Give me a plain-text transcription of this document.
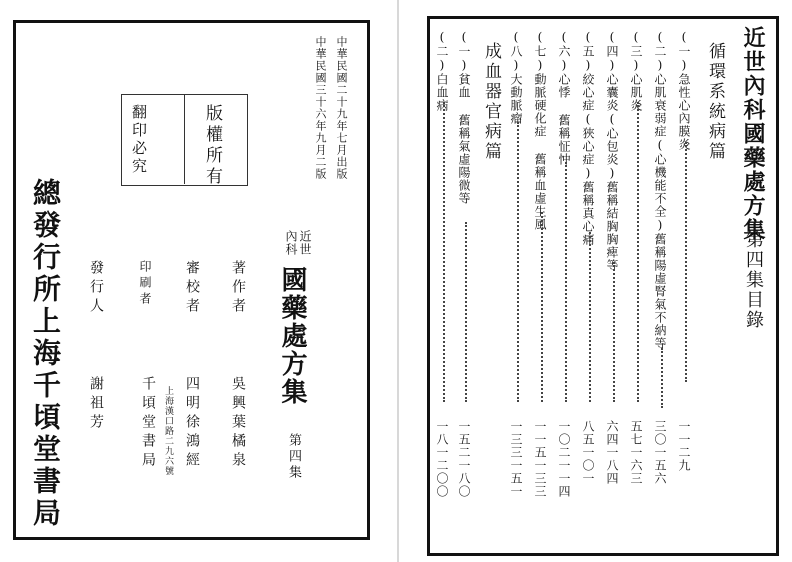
中華民國二十九年七月出版
中華民國三十六年九月二版
版權所有
翻印必究
近世
內科
國藥處方集
第四集
著作者
吳興葉橘泉
審校者
四明徐鴻經
印刷者
千頃堂書局 上海漢口路二九六號
發行人
謝祖芳
總發行所上海千頃堂書局
近世內科國藥處方集
第四集目錄
循環系統病篇
(一)急性心內膜炎
一一二九
(二)心肌衰弱症(心機能不全)舊稱陽虛腎氣不納等
三〇一五六
(三)心肌炎
五七一六三
(四)心囊炎(心包炎)舊稱結胸胸痺等
六四一八四
(五)絞心症(狹心症)舊稱真心痛
八五一〇一
(六)心悸 舊稱怔忡
一〇二一一四
(七)動脈硬化症 舊稱血虛生風
一一五一三三
(八)大動脈瘤
一三三一五一
成血器官病篇
(一)貧血 舊稱氣虛陽微等
一五二一八〇
(二)白血病
一八一二〇〇
